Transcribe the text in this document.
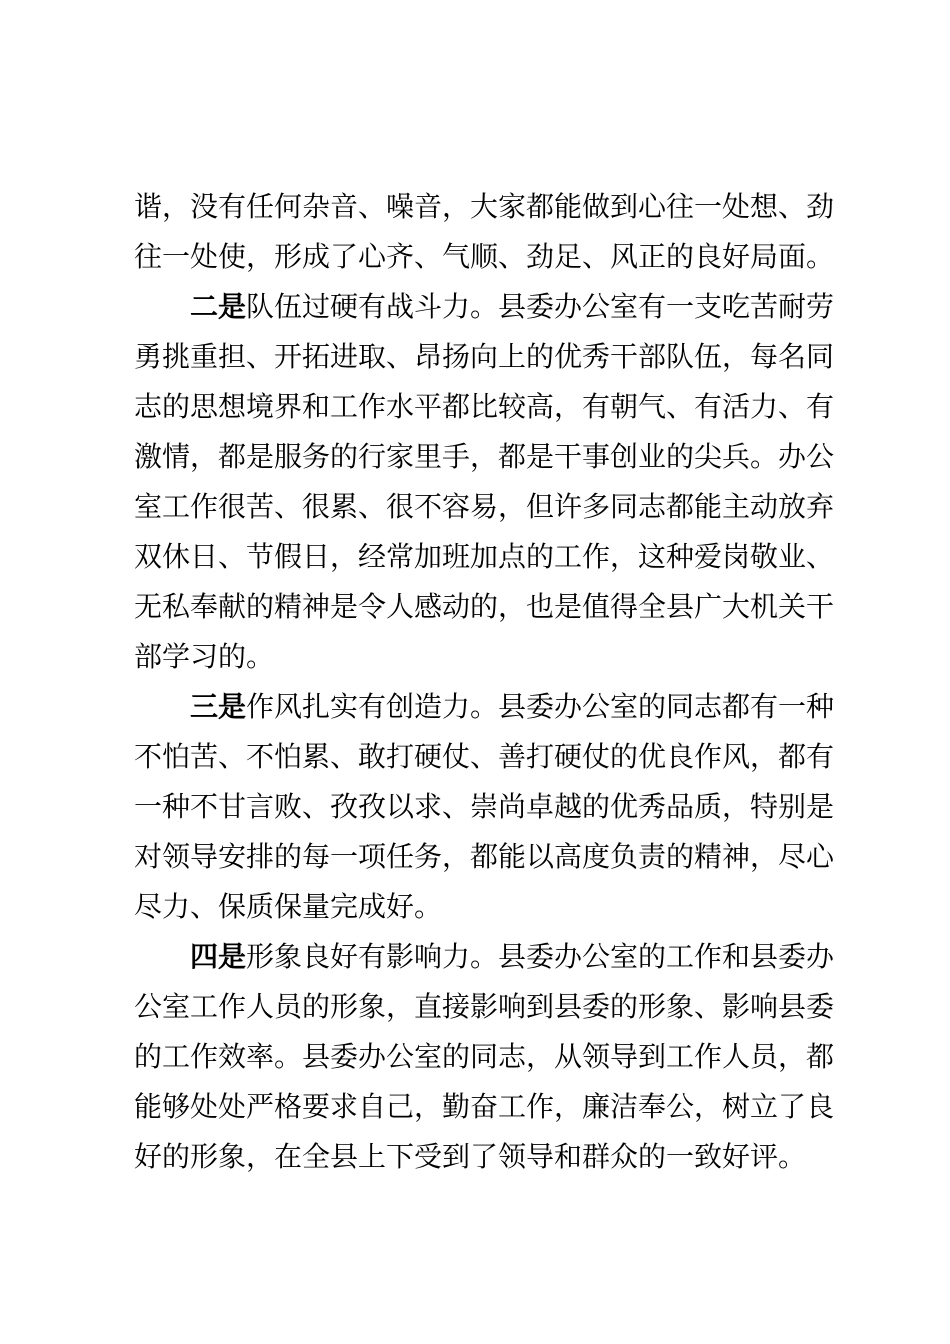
谐，没有任何杂音、噪音，大家都能做到心往一处想、劲
往一处使，形成了心齐、气顺、劲足、风正的良好局面。
二是队伍过硬有战斗力。县委办公室有一支吃苦耐劳
勇挑重担、开拓进取、昂扬向上的优秀干部队伍，每名同
志的思想境界和工作水平都比较高，有朝气、有活力、有
激情，都是服务的行家里手，都是干事创业的尖兵。办公
室工作很苦、很累、很不容易，但许多同志都能主动放弃
双休日、节假日，经常加班加点的工作，这种爱岗敬业、
无私奉献的精神是令人感动的，也是值得全县广大机关干
部学习的。
三是作风扎实有创造力。县委办公室的同志都有一种
不怕苦、不怕累、敢打硬仗、善打硬仗的优良作风，都有
一种不甘言败、孜孜以求、崇尚卓越的优秀品质，特别是
对领导安排的每一项任务，都能以高度负责的精神，尽心
尽力、保质保量完成好。
四是形象良好有影响力。县委办公室的工作和县委办
公室工作人员的形象，直接影响到县委的形象、影响县委
的工作效率。县委办公室的同志，从领导到工作人员，都
能够处处严格要求自己，勤奋工作，廉洁奉公，树立了良
好的形象，在全县上下受到了领导和群众的一致好评。
